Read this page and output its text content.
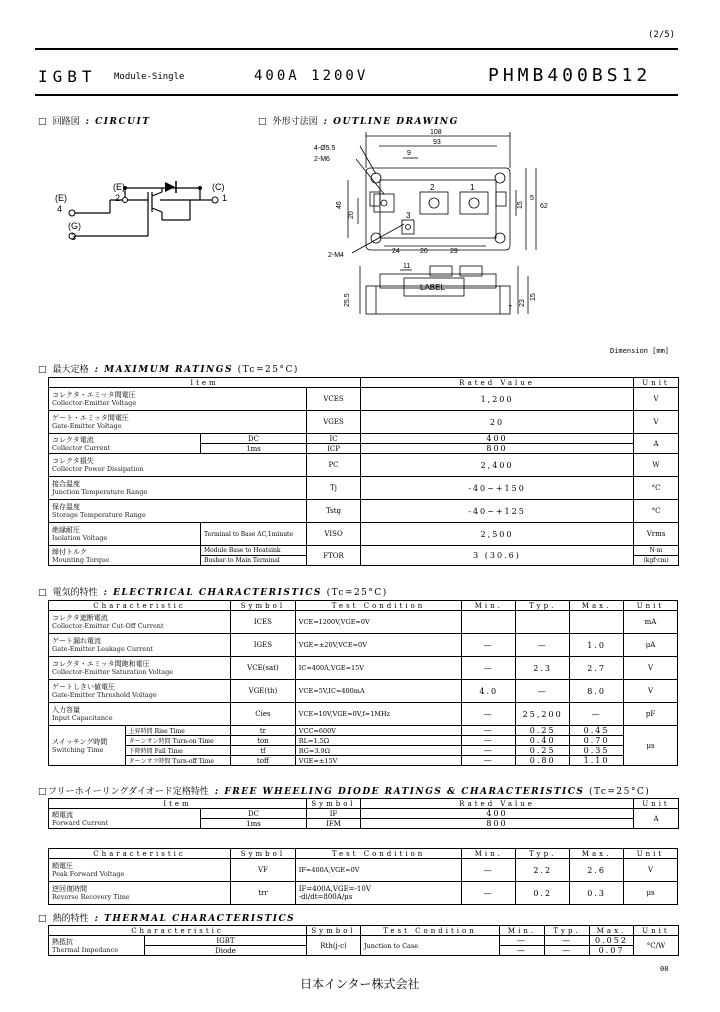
(2/5)
IGBT Module-Single	400A 1200V	PHMB400BS12
□ 回路図 : CIRCUIT
(E)
4
(G)
3
(E)
2
(C)
1
□ 外形寸法図 : OUTLINE DRAWING
108
93
9
4-Ø5.5
2-M6
2-M4
46
20
15
5
62
24	20	29
11
25.5
7
23
15
LABEL
1
2
3
Dimension [mm]
□ 最大定格 : MAXIMUM RATINGS (Tc=25°C)
Item			Rated Value	Unit

コレクタ・エミッタ間電圧
Collector-Emitter Voltage		VCES	1,200	V

ゲート・エミッタ間電圧
Gate-Emitter Voltage		VGES	20	V

コレクタ電流
Collector Current	DC	IC	400	A
	1ms	ICP	800	

コレクタ損失
Collector Power Dissipation		PC	2,400	W

接合温度
Junction Temperature Range		Tj	-40~+150	°C

保存温度
Storage Temperature Range		Tstg	-40~+125	°C

絶縁耐圧
Isolation Voltage	Terminal to Base AC,1minute	VISO	2,500	Vrms

締付トルク
Mounting Torque	Module Base to Heatsink	FTOR	3 (30.6)	N·m
	Busbar to Main Terminal			(kgf·cm)
□ 電気的特性 : ELECTRICAL CHARACTERISTICS (Tc=25°C)
Characteristic		Symbol	Test Condition	Min.	Typ.	Max.	Unit

コレクタ遮断電流
Collector-Emitter Cut-Off Current		ICES	VCE=1200V,VGE=0V				mA

ゲート漏れ電流
Gate-Emitter Leakage Current		IGES	VGE=±20V,VCE=0V	—	—	1.0	μA

コレクタ・エミッタ間飽和電圧
Collector-Emitter Saturation Voltage		VCE(sat)	IC=400A,VGE=15V	—	2.3	2.7	V

ゲートしきい値電圧
Gate-Emitter Threshold Voltage		VGE(th)	VCE=5V,IC=400mA	4.0	—	8.0	V

入力容量
Input Capacitance		Cies	VCE=10V,VGE=0V,f=1MHz	—	25,200	—	pF

スイッチング時間
Switching Time	上昇時間 Rise Time	tr	VCC=600V	—	0.25	0.45	μs
	ターンオン時間 Turn-on Time	ton	RL=1.5Ω	—	0.40	0.70	
	下降時間 Fall Time	tf	RG=3.9Ω	—	0.25	0.35	
	ターンオフ時間 Turn-off Time	toff	VGE=±15V	—	0.80	1.10	
□フリーホイーリングダイオード定格特性 : FREE WHEELING DIODE RATINGS & CHARACTERISTICS (Tc=25°C)
Item		Symbol	Rated Value	Unit

順電流
Forward Current	DC	IF	400	A
	1ms	IFM	800	
Characteristic	Symbol	Test Condition	Min.	Typ.	Max.	Unit

順電圧
Peak Forward Voltage	VF	IF=400A,VGE=0V	—	2.2	2.6	V

逆回復時間
Reverse Recovery Time	trr	IF=400A,VGE=-10V
-di/dt=800A/μs	—	0.2	0.3	μs
□ 熱的特性 : THERMAL CHARACTERISTICS
Characteristic		Symbol	Test Condition	Min.	Typ.	Max.	Unit

熱抵抗
Thermal Impedance	IGBT	Rth(j-c)	Junction to Case	—	—	0.052	°C/W
	Diode			—	—	0.07	
00
日本インター株式会社
